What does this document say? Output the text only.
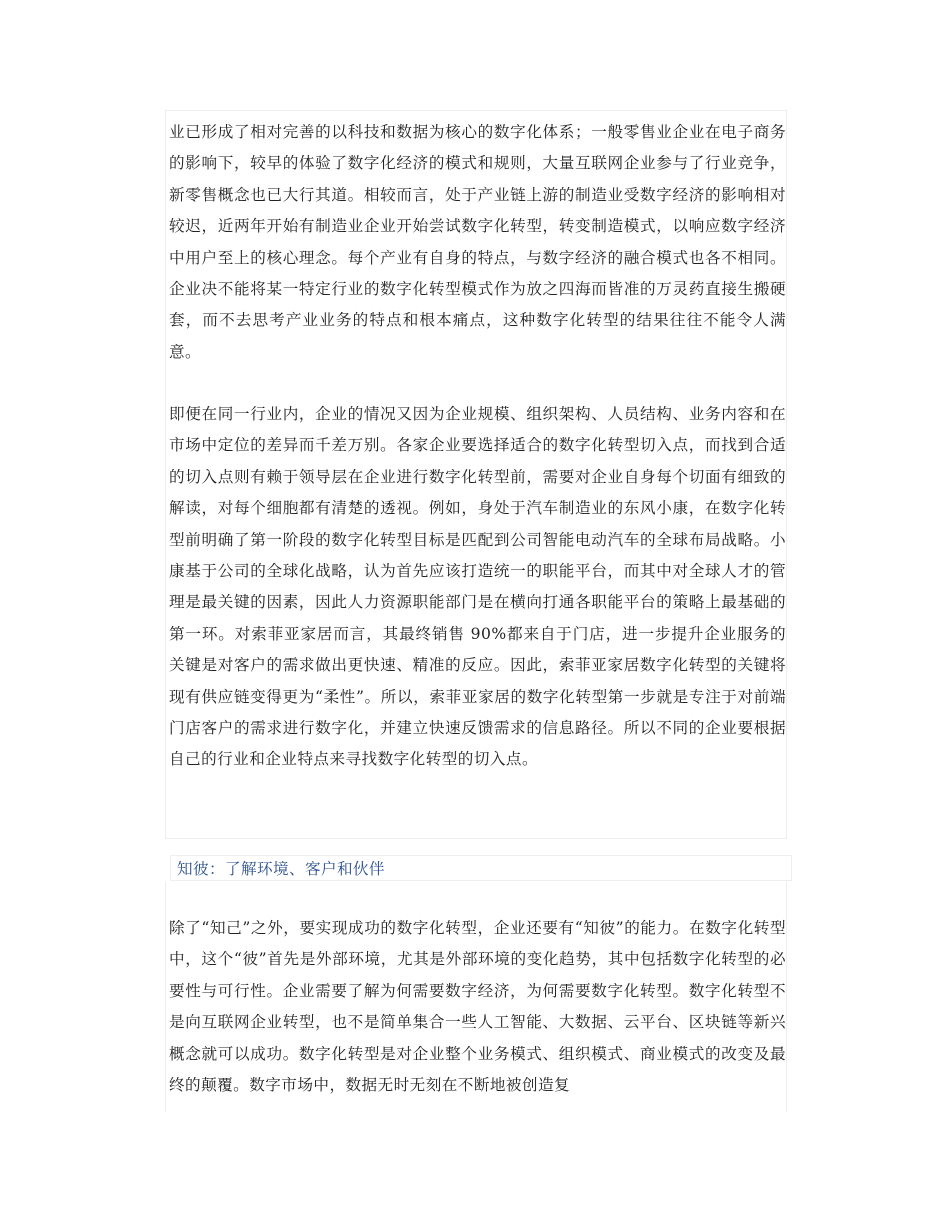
业已形成了相对完善的以科技和数据为核心的数字化体系；一般零售业企业在电子商务的影响下，较早的体验了数字化经济的模式和规则，大量互联网企业参与了行业竞争，新零售概念也已大行其道。相较而言，处于产业链上游的制造业受数字经济的影响相对较迟，近两年开始有制造业企业开始尝试数字化转型，转变制造模式，以响应数字经济中用户至上的核心理念。每个产业有自身的特点，与数字经济的融合模式也各不相同。企业决不能将某一特定行业的数字化转型模式作为放之四海而皆准的万灵药直接生搬硬套，而不去思考产业业务的特点和根本痛点，这种数字化转型的结果往往不能令人满意。

即便在同一行业内，企业的情况又因为企业规模、组织架构、人员结构、业务内容和在市场中定位的差异而千差万别。各家企业要选择适合的数字化转型切入点，而找到合适的切入点则有赖于领导层在企业进行数字化转型前，需要对企业自身每个切面有细致的解读，对每个细胞都有清楚的透视。例如，身处于汽车制造业的东风小康，在数字化转型前明确了第一阶段的数字化转型目标是匹配到公司智能电动汽车的全球布局战略。小康基于公司的全球化战略，认为首先应该打造统一的职能平台，而其中对全球人才的管理是最关键的因素，因此人力资源职能部门是在横向打通各职能平台的策略上最基础的第一环。对索菲亚家居而言，其最终销售 90%都来自于门店，进一步提升企业服务的关键是对客户的需求做出更快速、精准的反应。因此，索菲亚家居数字化转型的关键将现有供应链变得更为“柔性”。所以，索菲亚家居的数字化转型第一步就是专注于对前端门店客户的需求进行数字化，并建立快速反馈需求的信息路径。所以不同的企业要根据自己的行业和企业特点来寻找数字化转型的切入点。

知彼：了解环境、客户和伙伴

除了“知己”之外，要实现成功的数字化转型，企业还要有“知彼”的能力。在数字化转型中，这个“彼”首先是外部环境，尤其是外部环境的变化趋势，其中包括数字化转型的必要性与可行性。企业需要了解为何需要数字经济，为何需要数字化转型。数字化转型不是向互联网企业转型，也不是简单集合一些人工智能、大数据、云平台、区块链等新兴概念就可以成功。数字化转型是对企业整个业务模式、组织模式、商业模式的改变及最终的颠覆。数字市场中，数据无时无刻在不断地被创造复
